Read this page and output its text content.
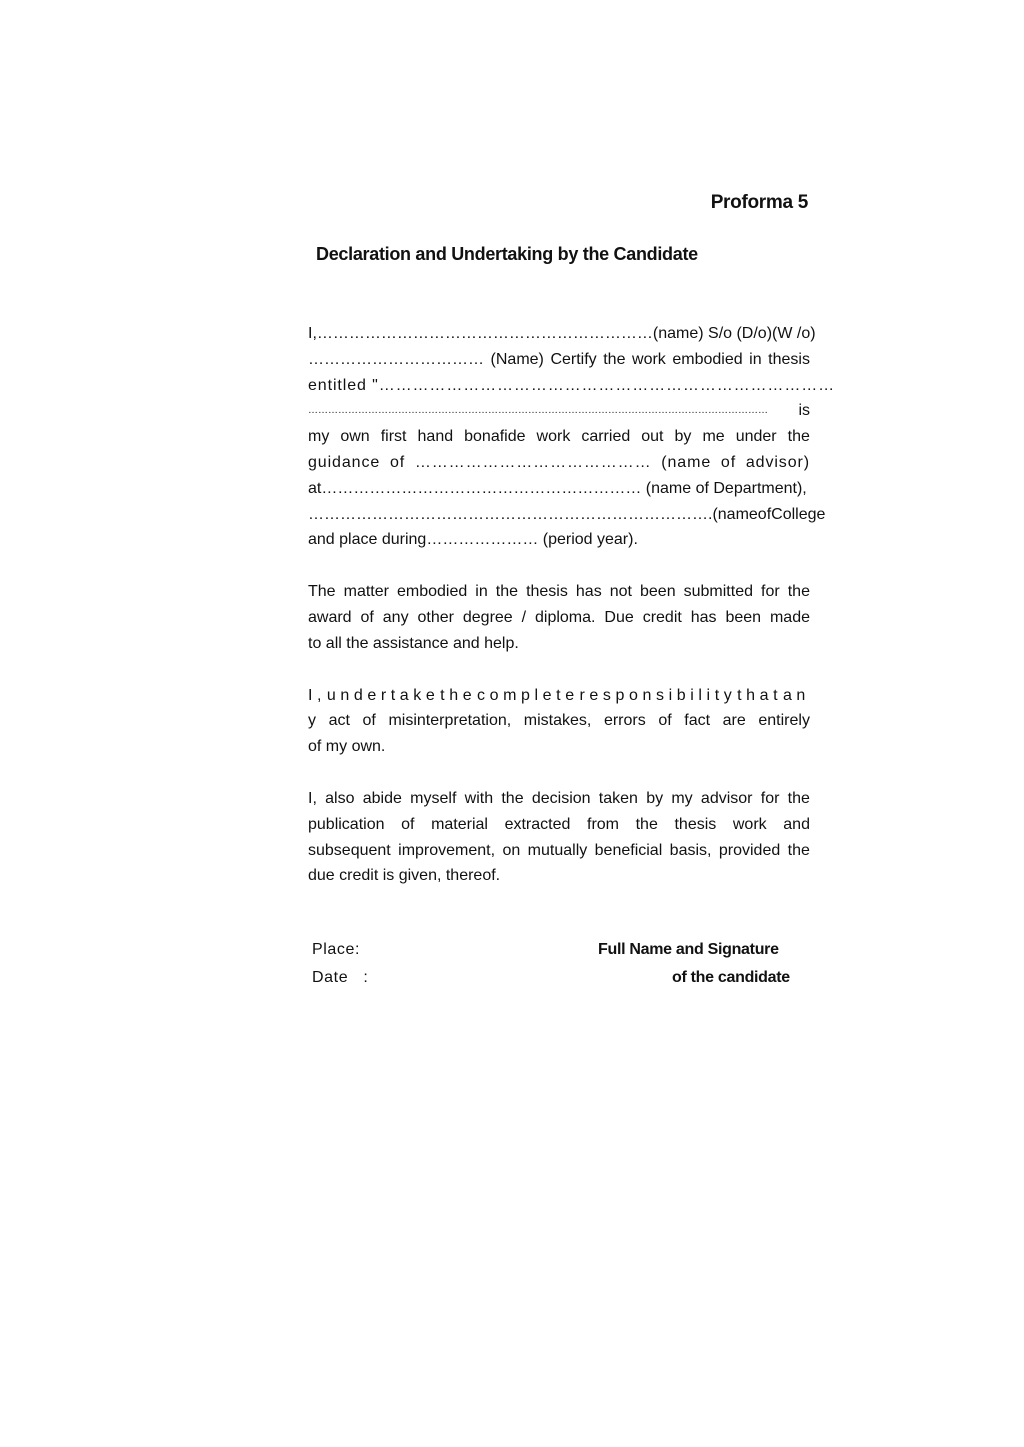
Proforma 5
Declaration and Undertaking by the Candidate
I,………………………………………………………(name) S/o (D/o)(W /o)
…………………………… (Name) Certify the work embodied in thesis
entitled "………………………………………………………………………
………………………………………………………………………………………………………………………… is
my own first hand bonafide work carried out by me under the
guidance of …………………………………… (name of advisor)
at…………………………………………………… (name of Department),
………………………………………………………………….(name of College
and place during………………… (period year).
The matter embodied in the thesis has not been submitted for the
award of any other degree / diploma. Due credit has been made
to all the assistance and help.
I, undertake the complete responsibility that an
y act of misinterpretation, mistakes, errors of fact are entirely
of my own.
I, also abide myself with the decision taken by my advisor for the
publication of material extracted from the thesis work and
subsequent improvement, on mutually beneficial basis, provided the
due credit is given, thereof.
Place:	Full Name and Signature
Date   :	of the candidate
